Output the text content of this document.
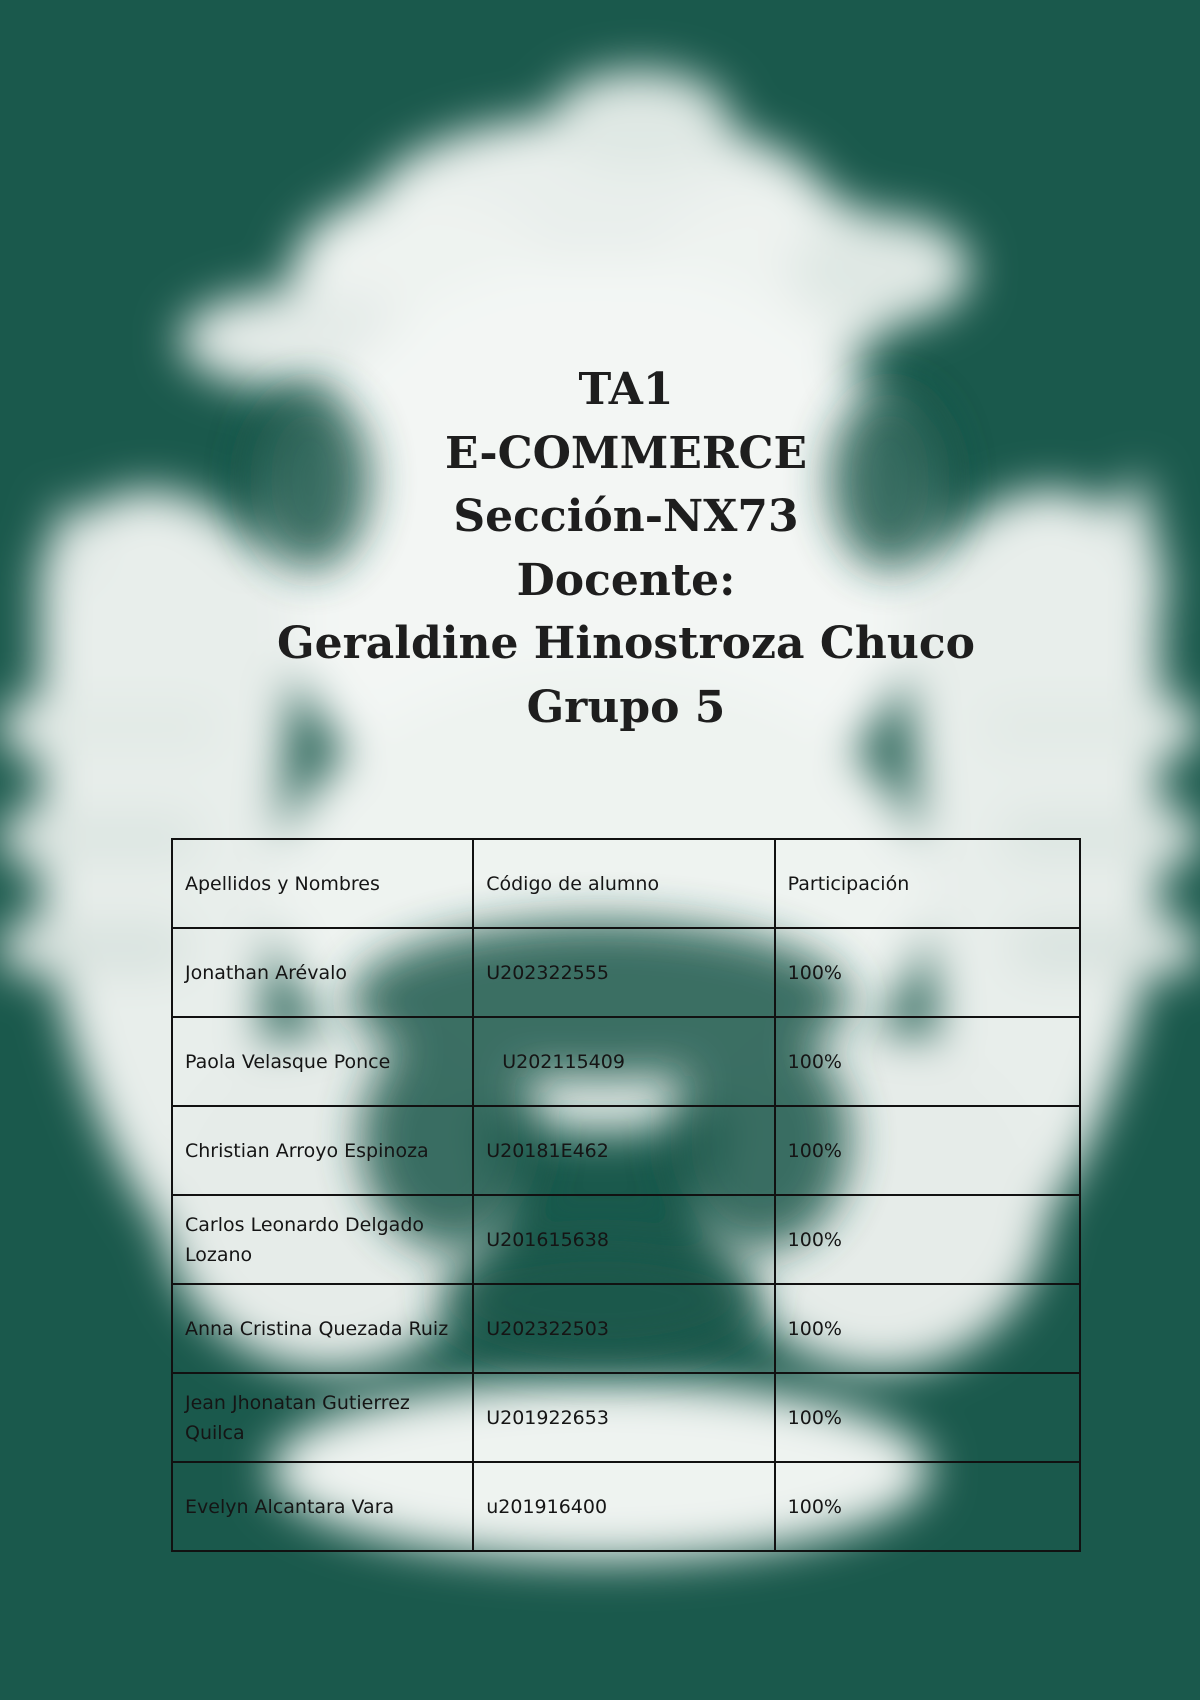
TA1
E-COMMERCE
Sección-NX73
Docente:
Geraldine Hinostroza Chuco
Grupo 5
Apellidos y Nombres	Código de alumno	Participación
Jonathan Arévalo	U202322555	100%
Paola Velasque Ponce	U202115409	100%
Christian Arroyo Espinoza	U20181E462	100%
Carlos Leonardo Delgado Lozano	U201615638	100%
Anna Cristina Quezada Ruiz	U202322503	100%
Jean Jhonatan Gutierrez Quilca	U201922653	100%
Evelyn Alcantara Vara	u201916400	100%
